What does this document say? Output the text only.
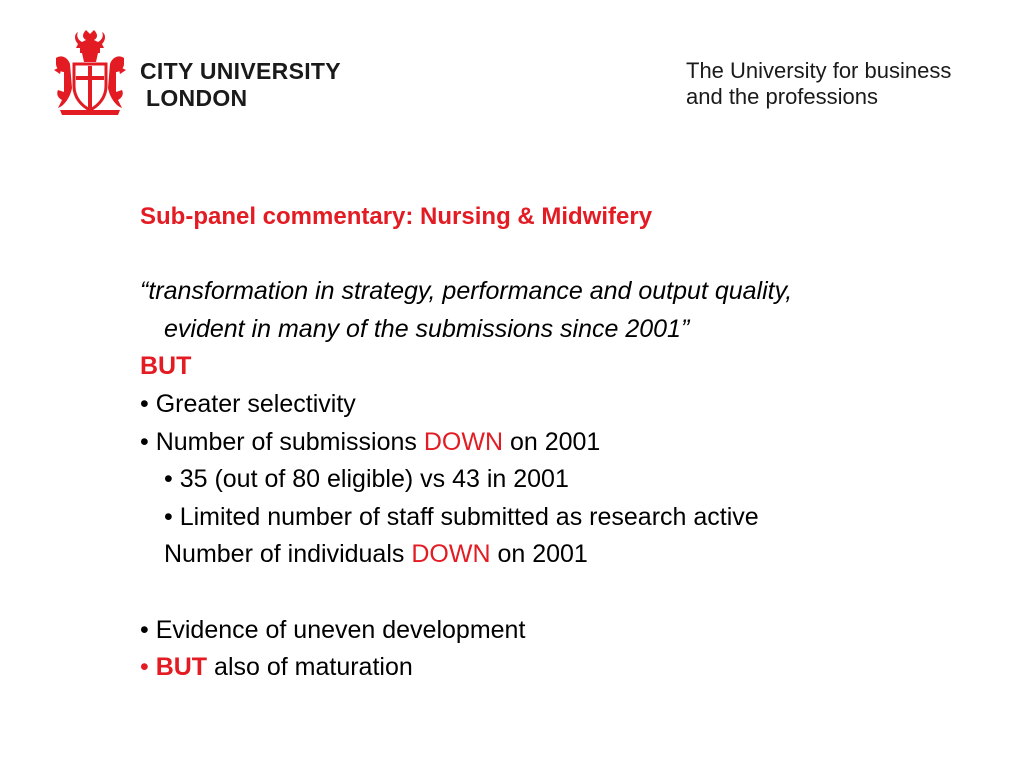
CITY UNIVERSITY
LONDON
The University for business
and the professions
Sub-panel commentary: Nursing & Midwifery
“transformation in strategy, performance and output quality,
evident in many of the submissions since 2001”
BUT
• Greater selectivity
• Number of submissions DOWN on 2001
• 35 (out of 80 eligible) vs 43 in 2001
• Limited number of staff submitted as research active
Number of individuals DOWN on 2001
• Evidence of uneven development
• BUT also of maturation
